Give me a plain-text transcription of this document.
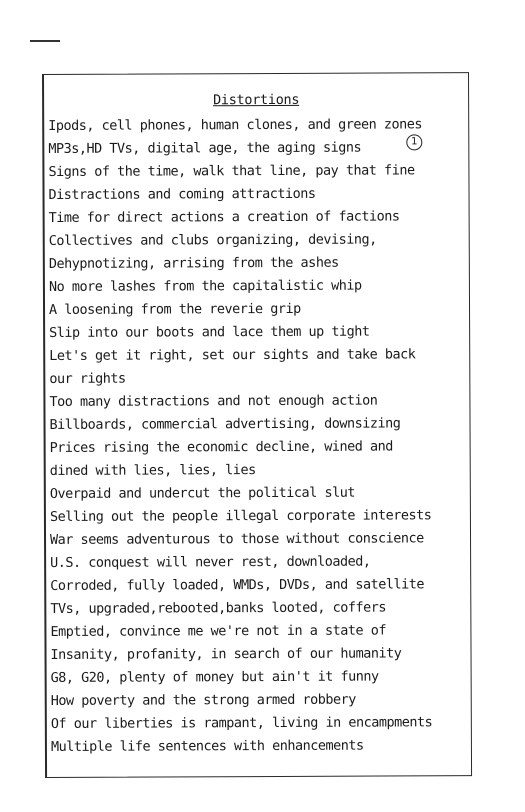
Distortions
1
Ipods, cell phones, human clones, and green zones
MP3s,HD TVs, digital age, the aging signs
Signs of the time, walk that line, pay that fine
Distractions and coming attractions
Time for direct actions a creation of factions
Collectives and clubs organizing, devising,
Dehypnotizing, arrising from the ashes
No more lashes from the capitalistic whip
A loosening from the reverie grip
Slip into our boots and lace them up tight
Let's get it right, set our sights and take back
our rights
Too many distractions and not enough action
Billboards, commercial advertising, downsizing
Prices rising the economic decline, wined and
dined with lies, lies, lies
Overpaid and undercut the political slut
Selling out the people illegal corporate interests
War seems adventurous to those without conscience
U.S. conquest will never rest, downloaded,
Corroded, fully loaded, WMDs, DVDs, and satellite
TVs, upgraded,rebooted,banks looted, coffers
Emptied, convince me we're not in a state of
Insanity, profanity, in search of our humanity
G8, G20, plenty of money but ain't it funny
How poverty and the strong armed robbery
Of our liberties is rampant, living in encampments
Multiple life sentences with enhancements
